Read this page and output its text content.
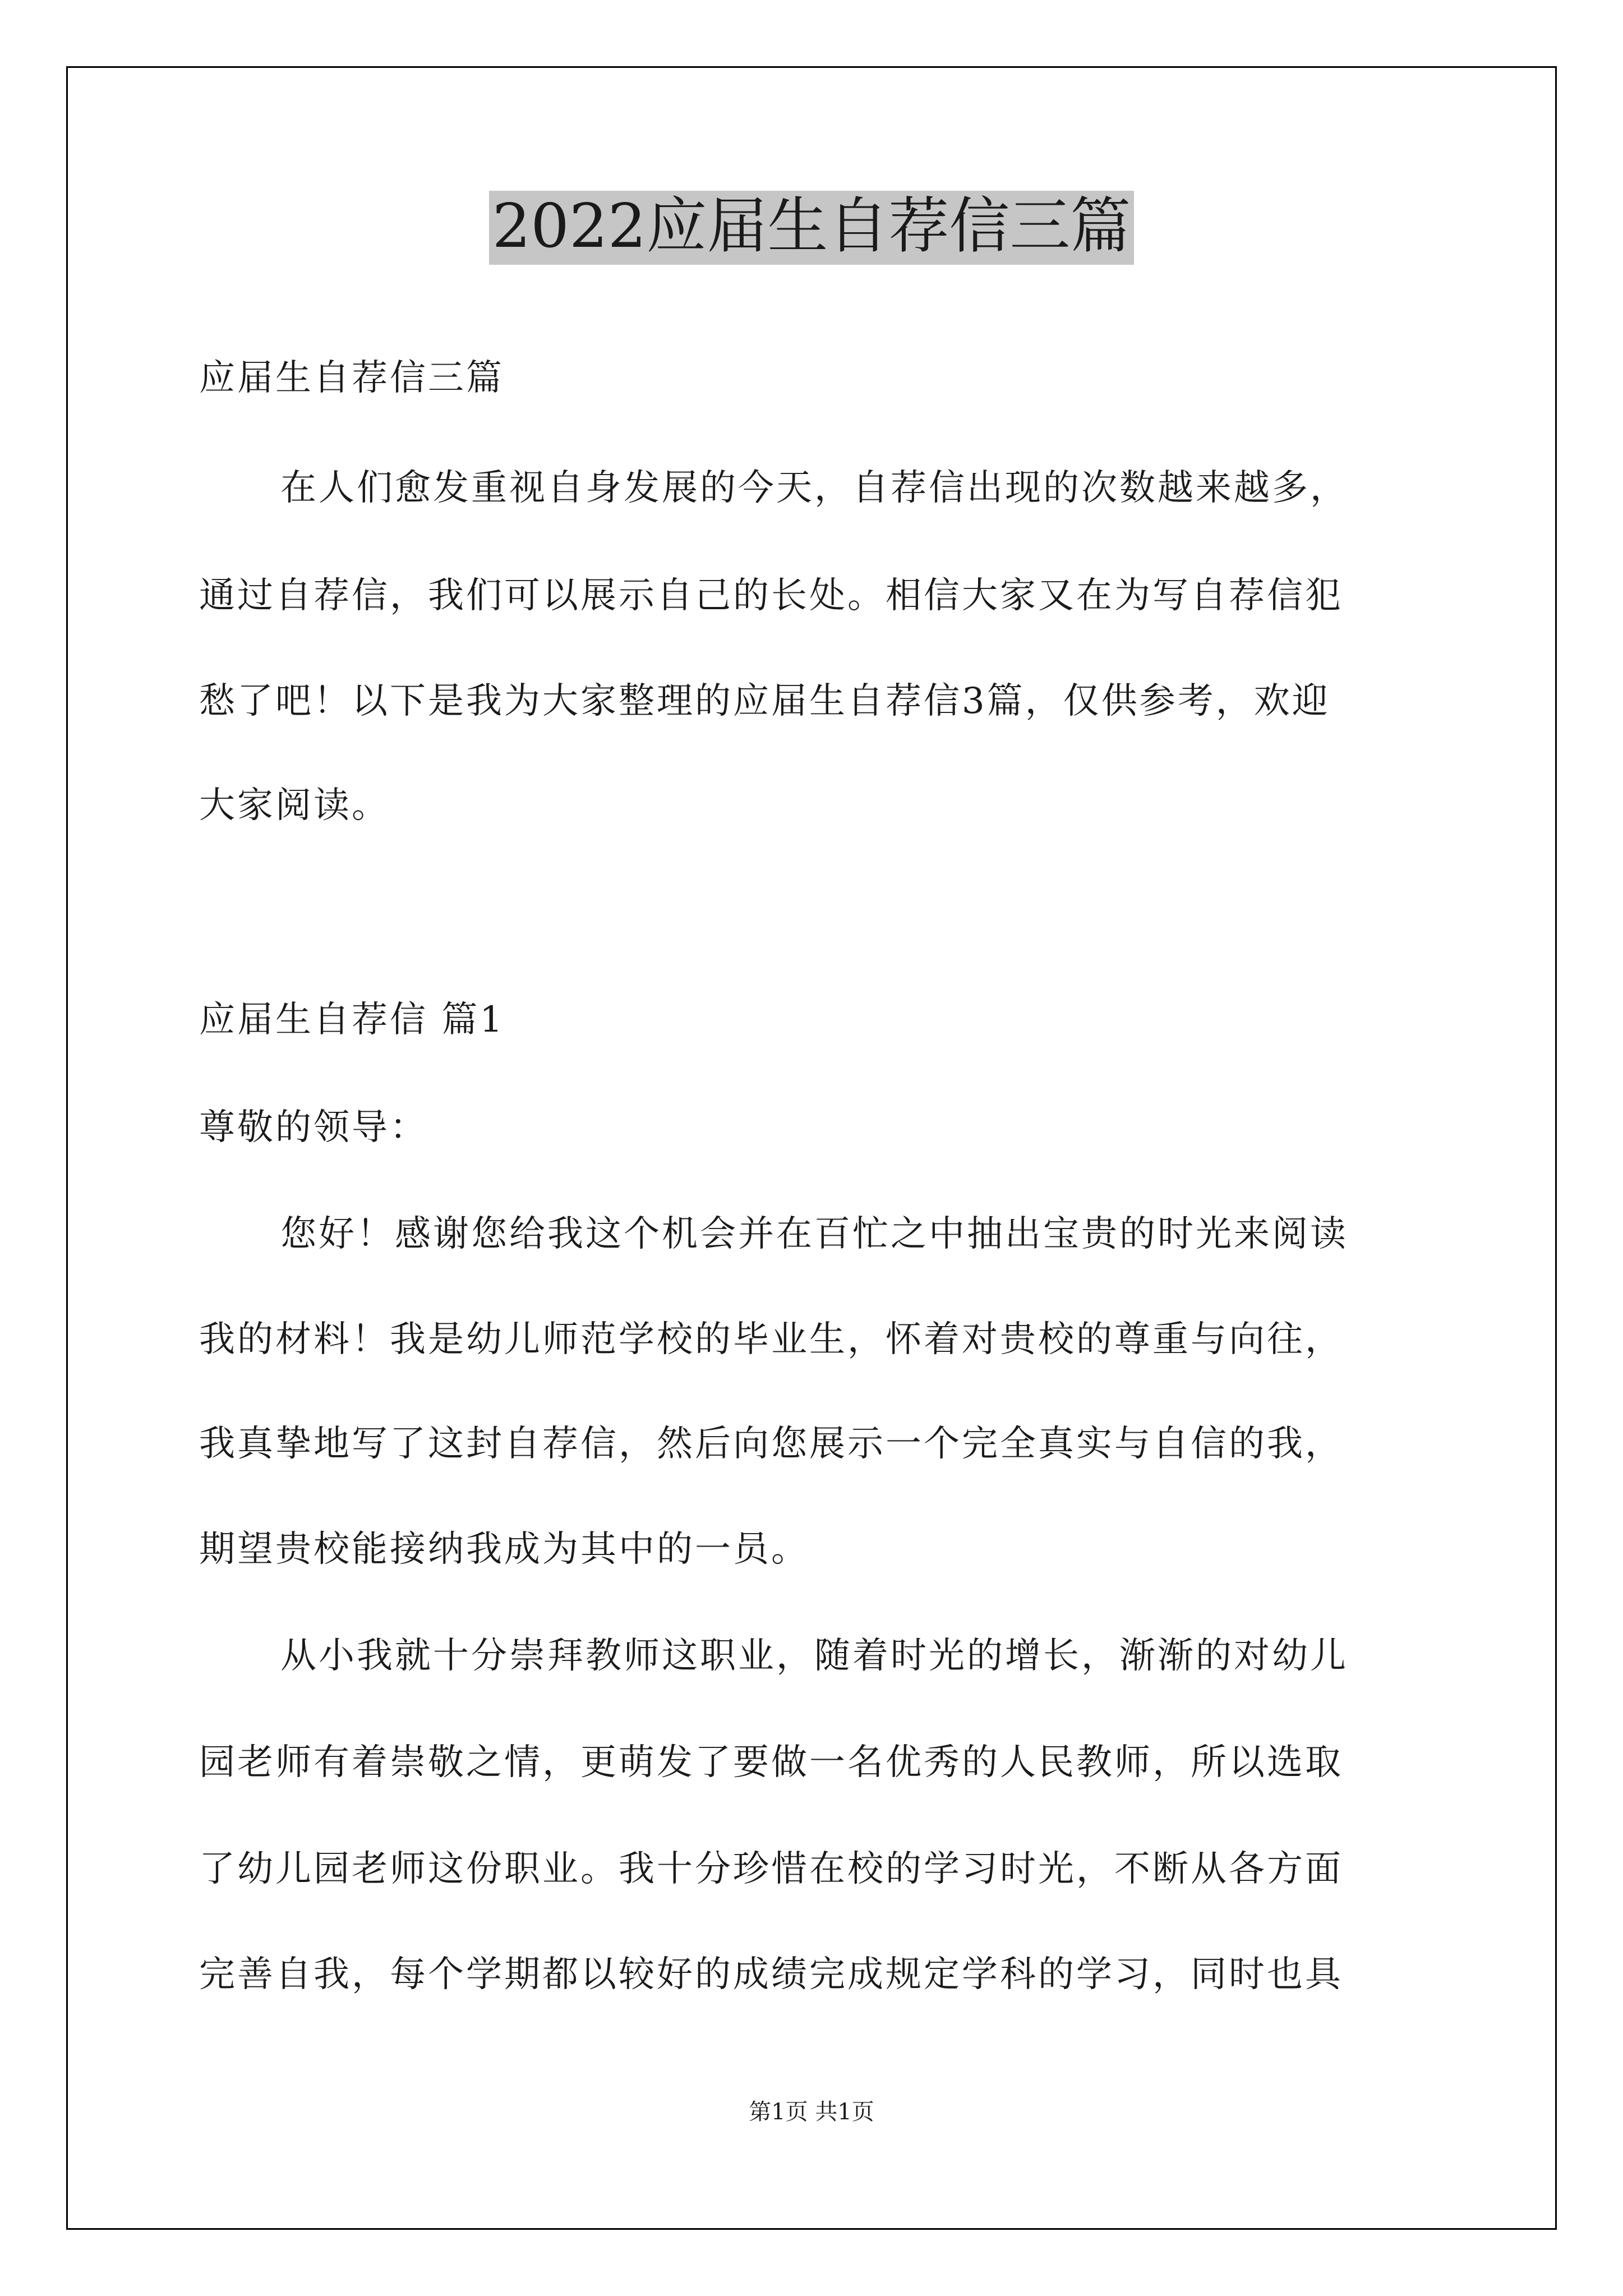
2022应届生自荐信三篇
应届生自荐信三篇
在人们愈发重视自身发展的今天，自荐信出现的次数越来越多，
通过自荐信，我们可以展示自己的长处。相信大家又在为写自荐信犯
愁了吧！以下是我为大家整理的应届生自荐信3篇，仅供参考，欢迎
大家阅读。
应届生自荐信 篇1
尊敬的领导：
您好！感谢您给我这个机会并在百忙之中抽出宝贵的时光来阅读
我的材料！我是幼儿师范学校的毕业生，怀着对贵校的尊重与向往，
我真挚地写了这封自荐信，然后向您展示一个完全真实与自信的我，
期望贵校能接纳我成为其中的一员。
从小我就十分崇拜教师这职业，随着时光的增长，渐渐的对幼儿
园老师有着崇敬之情，更萌发了要做一名优秀的人民教师，所以选取
了幼儿园老师这份职业。我十分珍惜在校的学习时光，不断从各方面
完善自我，每个学期都以较好的成绩完成规定学科的学习，同时也具
第1页 共1页
